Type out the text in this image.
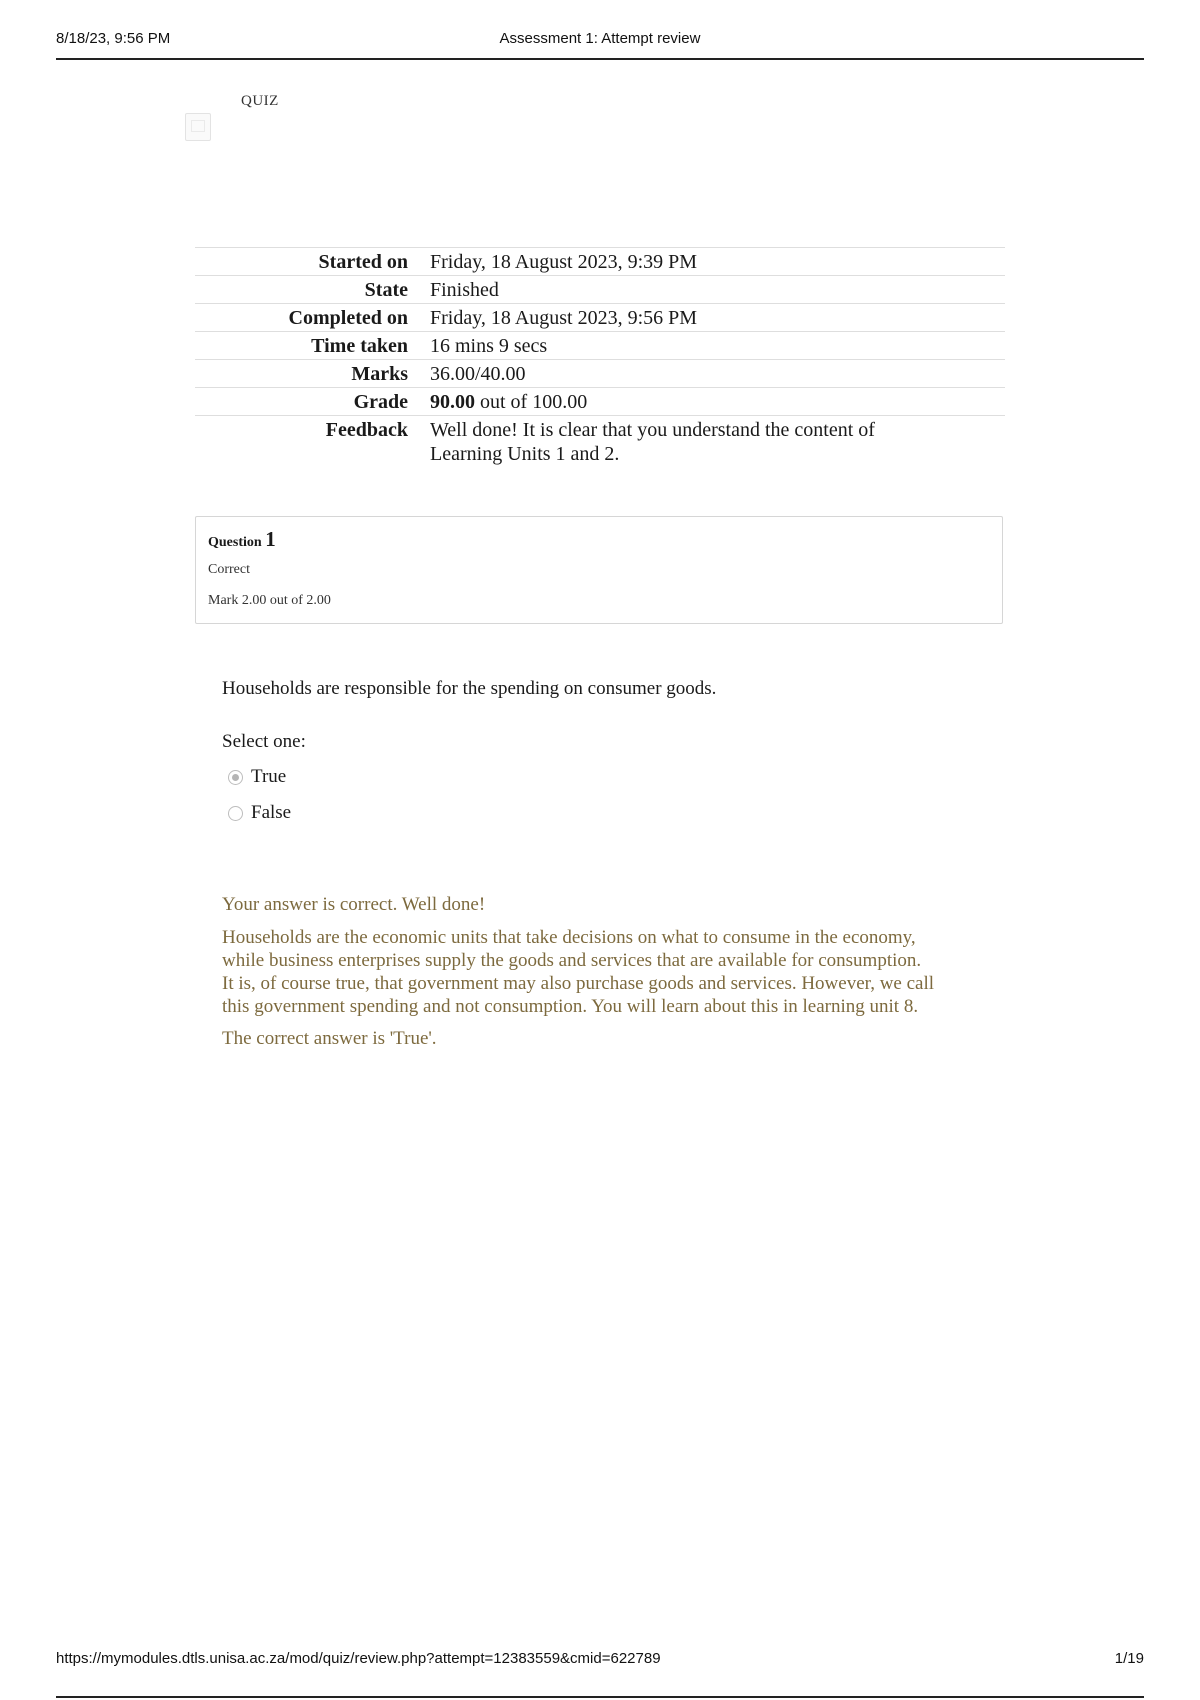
8/18/23, 9:56 PM	Assessment 1: Attempt review
QUIZ
Started on	Friday, 18 August 2023, 9:39 PM
State	Finished
Completed on	Friday, 18 August 2023, 9:56 PM
Time taken	16 mins 9 secs
Marks	36.00/40.00
Grade	90.00 out of 100.00
Feedback	Well done! It is clear that you understand the content of
Learning Units 1 and 2.
Question 1
Correct
Mark 2.00 out of 2.00
Households are responsible for the spending on consumer goods.
Select one:
True
False

Your answer is correct. Well done!

Households are the economic units that take decisions on what to consume in the economy,
while business enterprises supply the goods and services that are available for consumption.
It is, of course true, that government may also purchase goods and services. However, we call
this government spending and not consumption. You will learn about this in learning unit 8.

The correct answer is 'True'.

https://mymodules.dtls.unisa.ac.za/mod/quiz/review.php?attempt=12383559&cmid=622789	1/19
